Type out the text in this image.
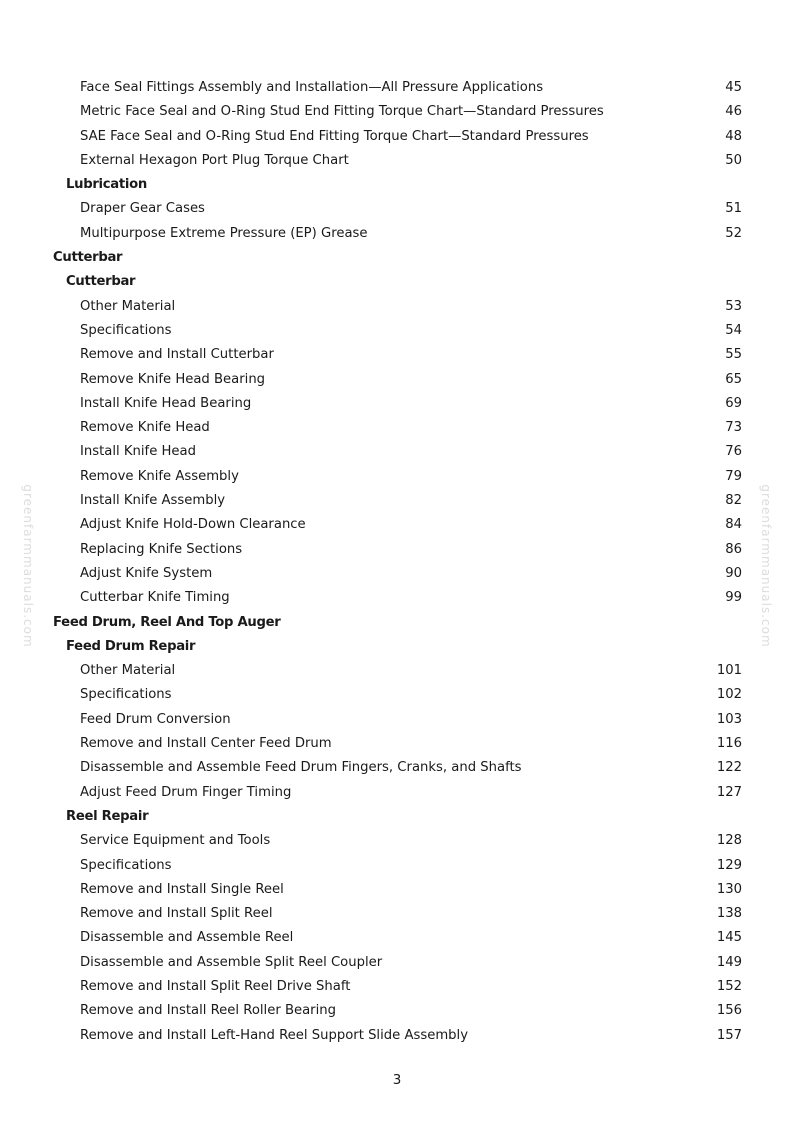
Face Seal Fittings Assembly and Installation—All Pressure Applications	45
Metric Face Seal and O-Ring Stud End Fitting Torque Chart—Standard Pressures	46
SAE Face Seal and O-Ring Stud End Fitting Torque Chart—Standard Pressures	48
External Hexagon Port Plug Torque Chart	50
Lubrication
Draper Gear Cases	51
Multipurpose Extreme Pressure (EP) Grease	52
Cutterbar
Cutterbar
Other Material	53
Specifications	54
Remove and Install Cutterbar	55
Remove Knife Head Bearing	65
Install Knife Head Bearing	69
Remove Knife Head	73
Install Knife Head	76
Remove Knife Assembly	79
Install Knife Assembly	82
Adjust Knife Hold-Down Clearance	84
Replacing Knife Sections	86
Adjust Knife System	90
Cutterbar Knife Timing	99
Feed Drum, Reel And Top Auger
Feed Drum Repair
Other Material	101
Specifications	102
Feed Drum Conversion	103
Remove and Install Center Feed Drum	116
Disassemble and Assemble Feed Drum Fingers, Cranks, and Shafts	122
Adjust Feed Drum Finger Timing	127
Reel Repair
Service Equipment and Tools	128
Specifications	129
Remove and Install Single Reel	130
Remove and Install Split Reel	138
Disassemble and Assemble Reel	145
Disassemble and Assemble Split Reel Coupler	149
Remove and Install Split Reel Drive Shaft	152
Remove and Install Reel Roller Bearing	156
Remove and Install Left-Hand Reel Support Slide Assembly	157
greenfarmmanuals.com	greenfarmmanuals.com
3
